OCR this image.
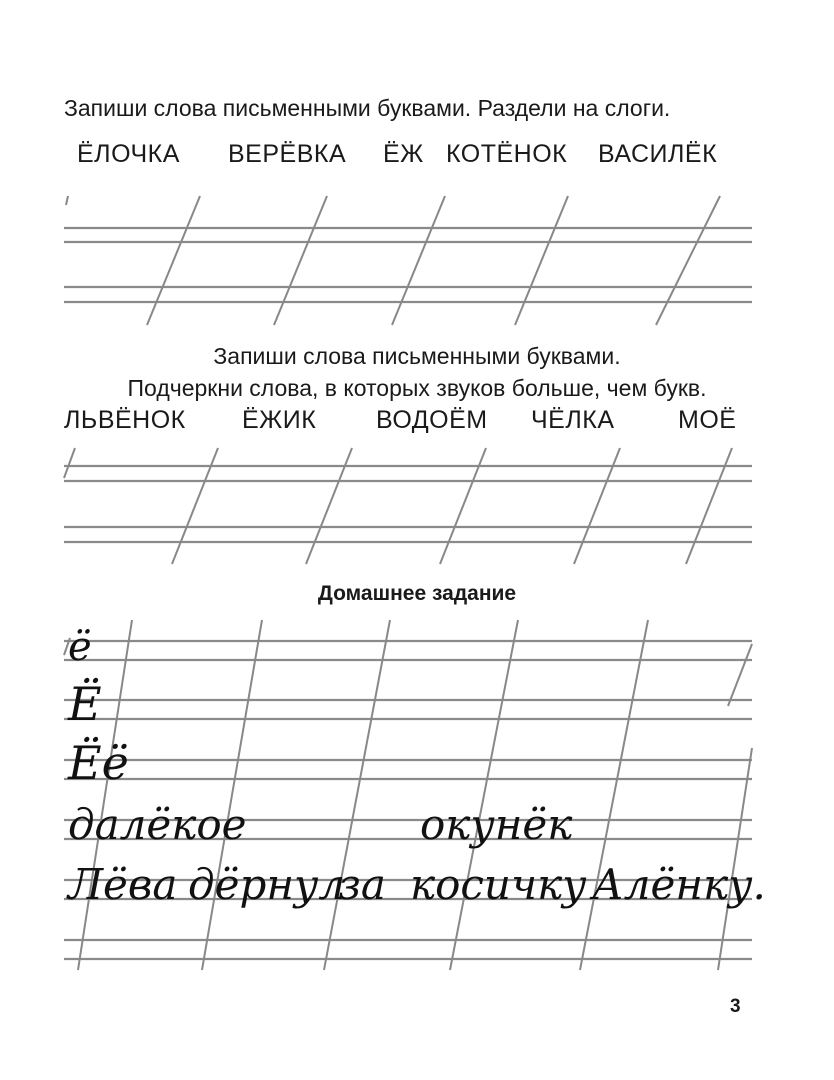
Запиши слова письменными буквами. Раздели на слоги.
ЁЛОЧКА ВЕРЁВКА ЁЖ КОТЁНОК ВАСИЛЁК
Запиши слова письменными буквами.
Подчеркни слова, в которых звуков больше, чем букв.
ЛЬВЁНОК ЁЖИК ВОДОЁМ ЧЁЛКА	МОЁ
Домашнее задание
ё
Ё
Ёё
далёкое	окунёк
Лёва дёрнул
за косичку Алёнку.
3
